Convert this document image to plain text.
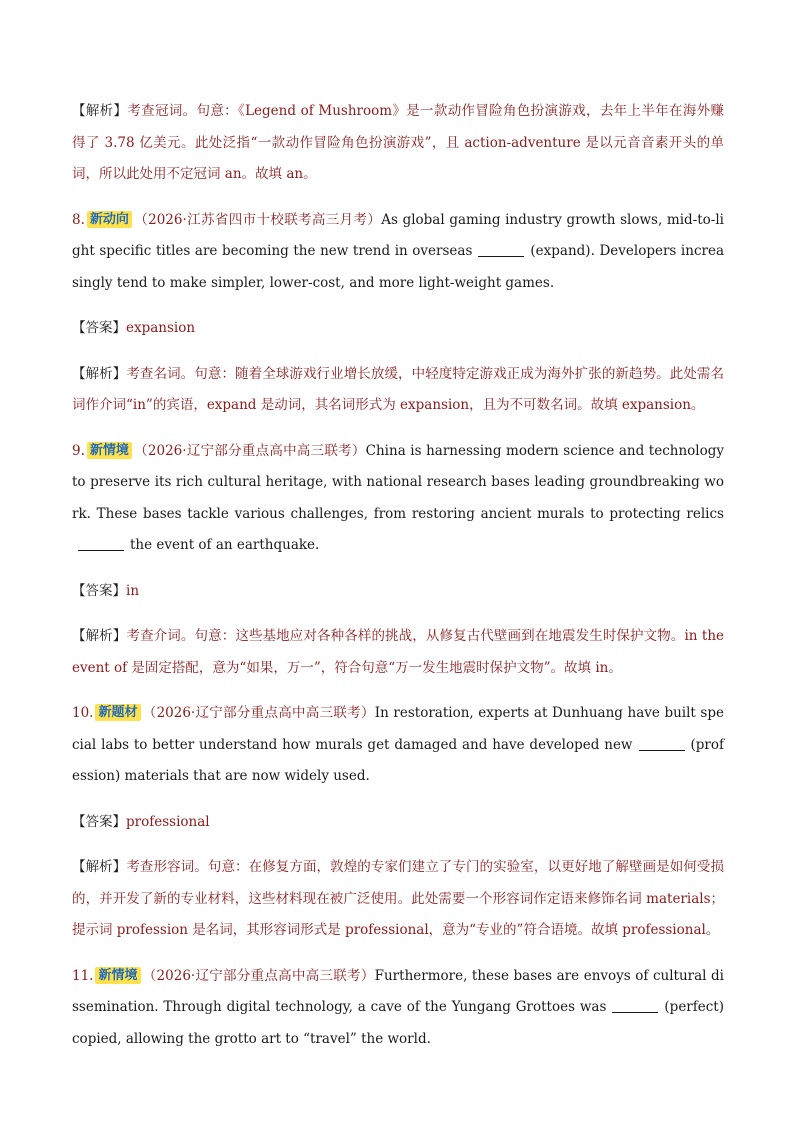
【解析】考查冠词。句意：《Legend of Mushroom》是一款动作冒险角色扮演游戏，去年上半年在海外赚得了 3.78 亿美元。此处泛指“一款动作冒险角色扮演游戏”，且 action-adventure 是以元音音素开头的单词，所以此处用不定冠词 an。故填 an。

8. 新动向 （2026·江苏省四市十校联考高三月考）As global gaming industry growth slows, mid-to-light specific titles are becoming the new trend in overseas	(expand). Developers increasingly tend to make simpler, lower-cost, and more light-weight games.

【答案】expansion

【解析】考查名词。句意：随着全球游戏行业增长放缓，中轻度特定游戏正成为海外扩张的新趋势。此处需名词作介词“in”的宾语，expand 是动词，其名词形式为 expansion，且为不可数名词。故填 expansion。

9. 新情境 （2026·辽宁部分重点高中高三联考）China is harnessing modern science and technology to preserve its rich cultural heritage, with national research bases leading groundbreaking work. These bases tackle various challenges, from restoring ancient murals to protecting relicsthe event of an earthquake.

【答案】in

【解析】考查介词。句意：这些基地应对各种各样的挑战，从修复古代壁画到在地震发生时保护文物。in the event of 是固定搭配，意为“如果，万一”，符合句意“万一发生地震时保护文物”。故填 in。

10. 新题材 （2026·辽宁部分重点高中高三联考）In restoration, experts at Dunhuang have built special labs to better understand how murals get damaged and have developed new	(profession) materials that are now widely used.

【答案】professional

【解析】考查形容词。句意：在修复方面，敦煌的专家们建立了专门的实验室，以更好地了解壁画是如何受损的，并开发了新的专业材料，这些材料现在被广泛使用。此处需要一个形容词作定语来修饰名词 materials；提示词 profession 是名词，其形容词形式是 professional，意为“专业的”符合语境。故填 professional。

11. 新情境 （2026·辽宁部分重点高中高三联考）Furthermore, these bases are envoys of cultural dissemination. Through digital technology, a cave of the Yungang Grottoes was	(perfect) copied, allowing the grotto art to “travel” the world.
